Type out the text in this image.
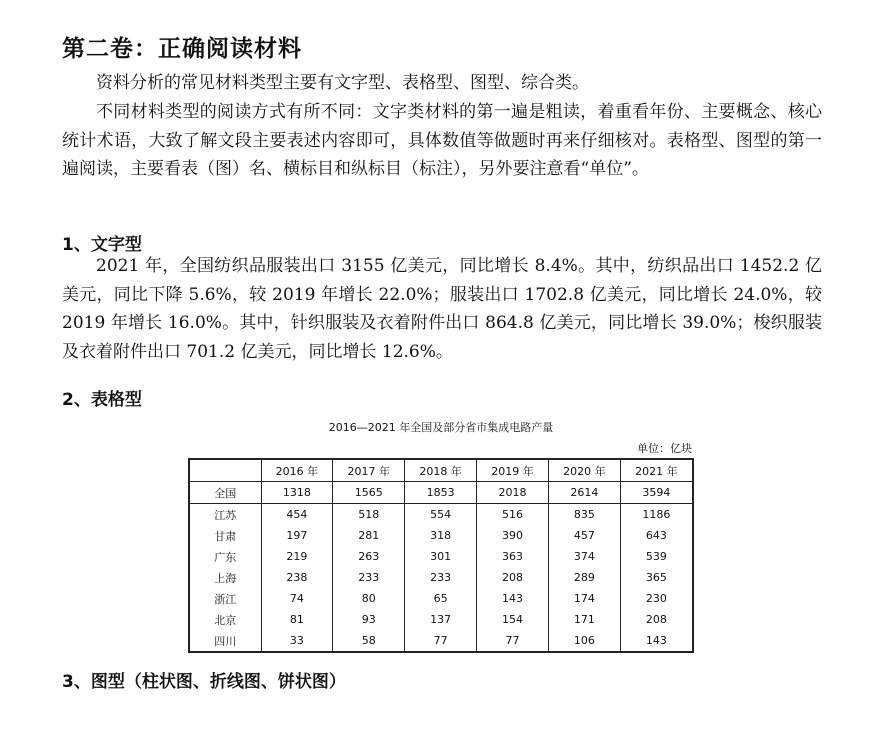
第二卷：正确阅读材料

资料分析的常见材料类型主要有文字型、表格型、图型、综合类。

不同材料类型的阅读方式有所不同：文字类材料的第一遍是粗读，着重看年份、主要概念、核心统计术语，大致了解文段主要表述内容即可，具体数值等做题时再来仔细核对。表格型、图型的第一遍阅读，主要看表（图）名、横标目和纵标目（标注），另外要注意看“单位”。

1、文字型

2021 年，全国纺织品服装出口 3155 亿美元，同比增长 8.4%。其中，纺织品出口 1452.2 亿美元，同比下降 5.6%，较 2019 年增长 22.0%；服装出口 1702.8 亿美元，同比增长 24.0%，较 2019 年增长 16.0%。其中，针织服装及衣着附件出口 864.8 亿美元，同比增长 39.0%；梭织服装及衣着附件出口 701.2 亿美元，同比增长 12.6%。

2、表格型

2016—2021 年全国及部分省市集成电路产量

单位：亿块

	2016 年	2017 年	2018 年	2019 年	2020 年	2021 年
全国	1318	1565	1853	2018	2614	3594
江苏	454	518	554	516	835	1186
甘肃	197	281	318	390	457	643
广东	219	263	301	363	374	539
上海	238	233	233	208	289	365
浙江	74	80	65	143	174	230
北京	81	93	137	154	171	208
四川	33	58	77	77	106	143
3、图型（柱状图、折线图、饼状图）
